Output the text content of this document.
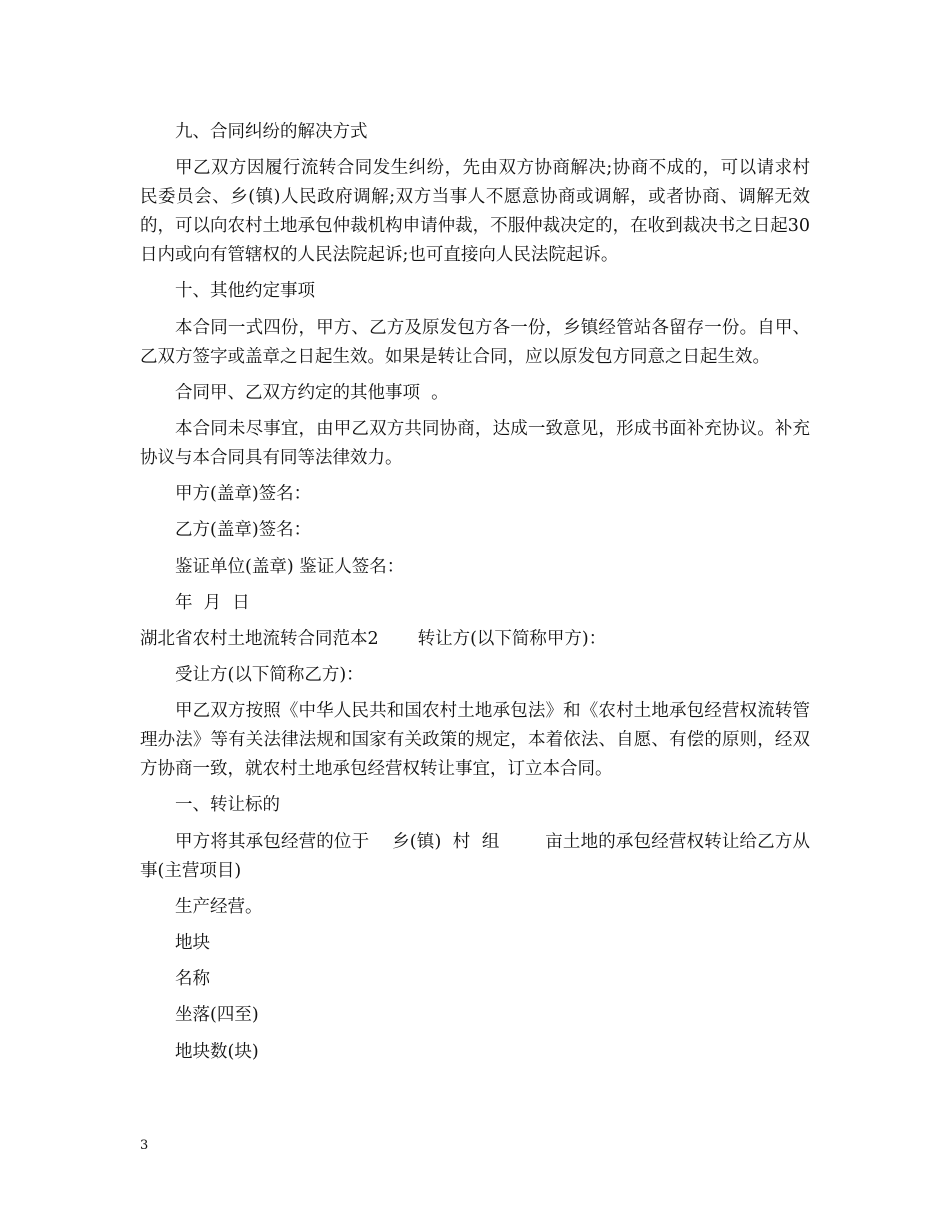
九、合同纠纷的解决方式

甲乙双方因履行流转合同发生纠纷，先由双方协商解决;协商不成的，可以请求村民委员会、乡(镇)人民政府调解;双方当事人不愿意协商或调解，或者协商、调解无效的，可以向农村土地承包仲裁机构申请仲裁，不服仲裁决定的，在收到裁决书之日起30日内或向有管辖权的人民法院起诉;也可直接向人民法院起诉。

十、其他约定事项

本合同一式四份，甲方、乙方及原发包方各一份，乡镇经管站各留存一份。自甲、乙双方签字或盖章之日起生效。如果是转让合同，应以原发包方同意之日起生效。

合同甲、乙双方约定的其他事项  。

本合同未尽事宜，由甲乙双方共同协商，达成一致意见，形成书面补充协议。补充协议与本合同具有同等法律效力。

甲方(盖章)签名：

乙方(盖章)签名：

鉴证单位(盖章) 鉴证人签名：

年  月  日

湖北省农村土地流转合同范本2       转让方(以下简称甲方)：

受让方(以下简称乙方)：

甲乙双方按照《中华人民共和国农村土地承包法》和《农村土地承包经营权流转管理办法》等有关法律法规和国家有关政策的规定，本着依法、自愿、有偿的原则，经双方协商一致，就农村土地承包经营权转让事宜，订立本合同。

一、转让标的

甲方将其承包经营的位于    乡(镇)  村  组        亩土地的承包经营权转让给乙方从事(主营项目)

生产经营。

地块

名称

坐落(四至)

地块数(块)

3
